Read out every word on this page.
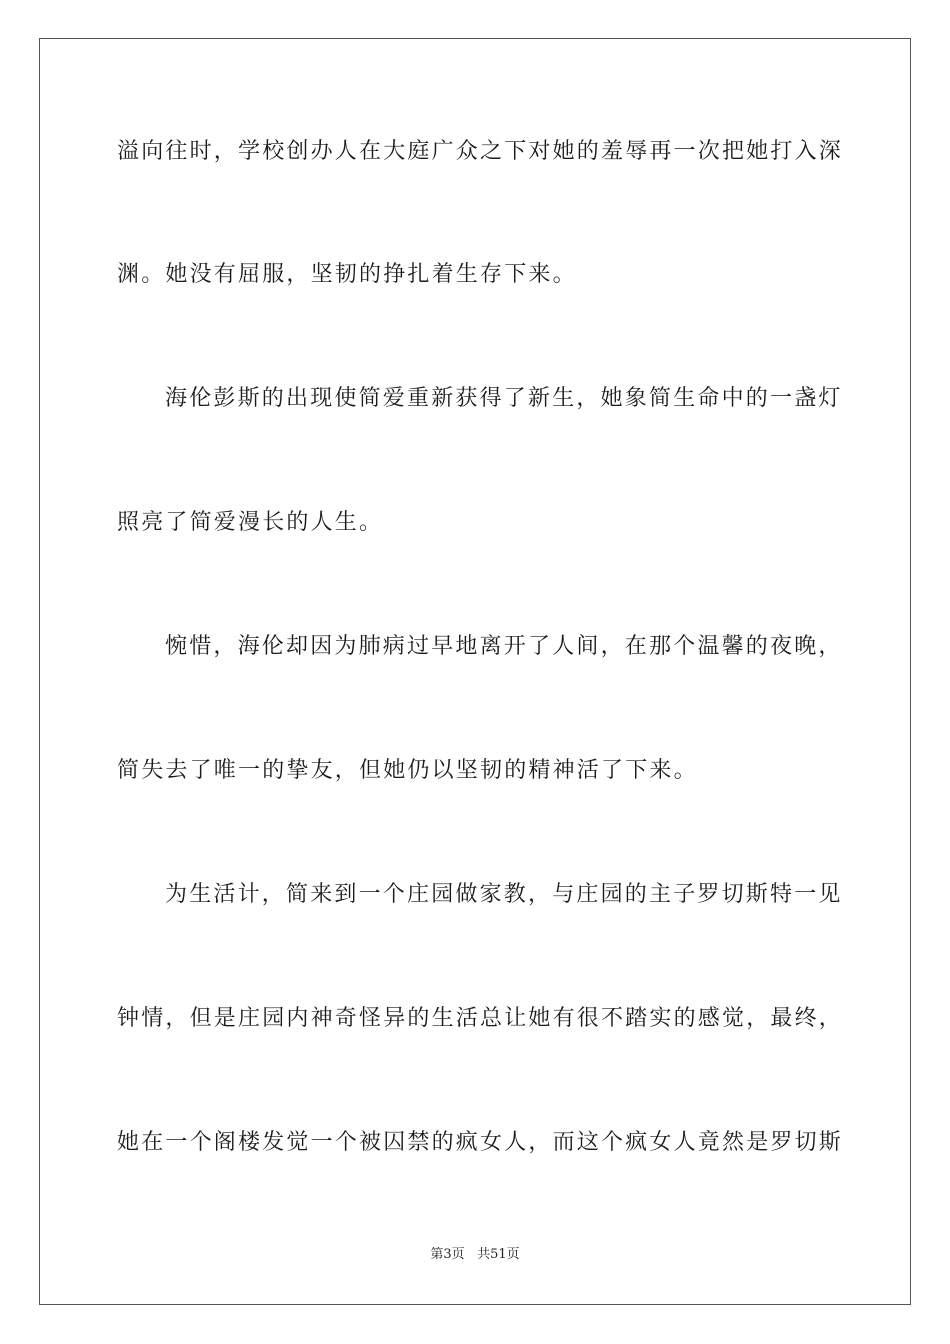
溢向往时，学校创办人在大庭广众之下对她的羞辱再一次把她打入深
渊。她没有屈服，坚韧的挣扎着生存下来。
海伦彭斯的出现使简爱重新获得了新生，她象简生命中的一盏灯
照亮了简爱漫长的人生。
惋惜，海伦却因为肺病过早地离开了人间，在那个温馨的夜晚，
简失去了唯一的挚友，但她仍以坚韧的精神活了下来。
为生活计，简来到一个庄园做家教，与庄园的主子罗切斯特一见
钟情，但是庄园内神奇怪异的生活总让她有很不踏实的感觉，最终，
她在一个阁楼发觉一个被囚禁的疯女人，而这个疯女人竟然是罗切斯
第3页 共51页
